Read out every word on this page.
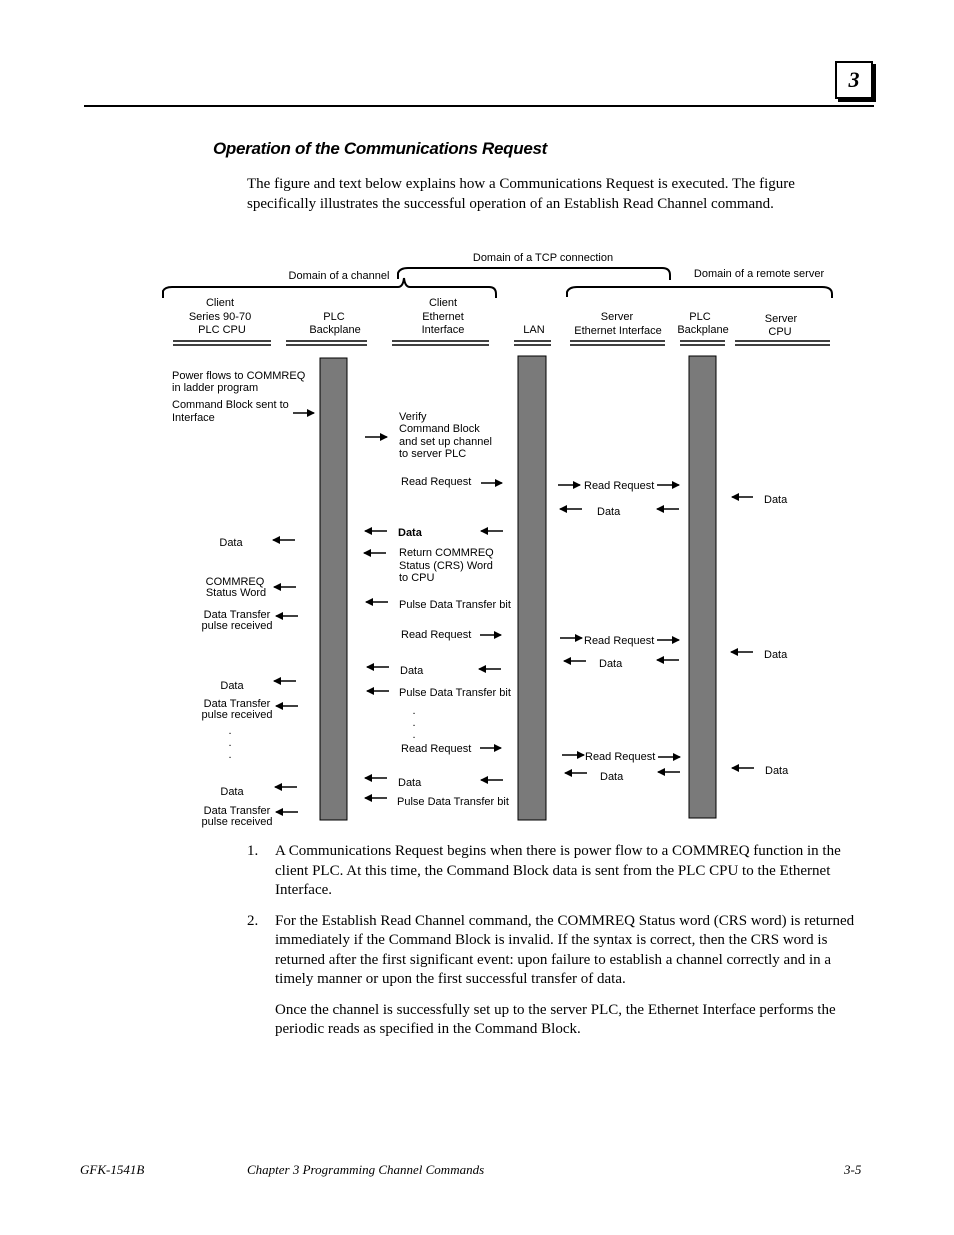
3
Operation of the Communications Request
The figure and text below explains how a Communications Request is executed. The figure specifically illustrates the successful operation of an Establish Read Channel command.
Domain of a channel
Domain of a TCP connection
Domain of a remote server
Client
Series 90-70
PLC CPU
PLC
Backplane
Client
Ethernet
Interface	LAN
Server
Ethernet Interface
PLC
Backplane
Server
CPU
Power flows to COMMREQ
in ladder program
Command Block sent to
Interface
Data
COMMREQ
Status Word
Data Transfer
pulse received
Data
Data Transfer
pulse received
.
.
.
Data
Data Transfer
pulse received
Verify
Command Block
and set up channel
to server PLC
Read Request
Data
Return COMMREQ
Status (CRS) Word
to CPU
Pulse Data Transfer bit
Read Request
Data
Pulse Data Transfer bit
.
.
.
Read Request
Data
Pulse Data Transfer bit
Read Request
Data
Read Request
Data
Read Request
Data
Data
Data
Data
1. A Communications Request begins when there is power flow to a COMMREQ function in the client PLC. At this time, the Command Block data is sent from the PLC CPU to the Ethernet Interface.
2. For the Establish Read Channel command, the COMMREQ Status word (CRS word) is returned immediately if the Command Block is invalid. If the syntax is correct, then the CRS word is returned after the first significant event: upon failure to establish a channel correctly and in a timely manner or upon the first successful transfer of data.
Once the channel is successfully set up to the server PLC, the Ethernet Interface performs the periodic reads as specified in the Command Block.
GFK-1541B	Chapter 3 Programming Channel Commands	3-5
